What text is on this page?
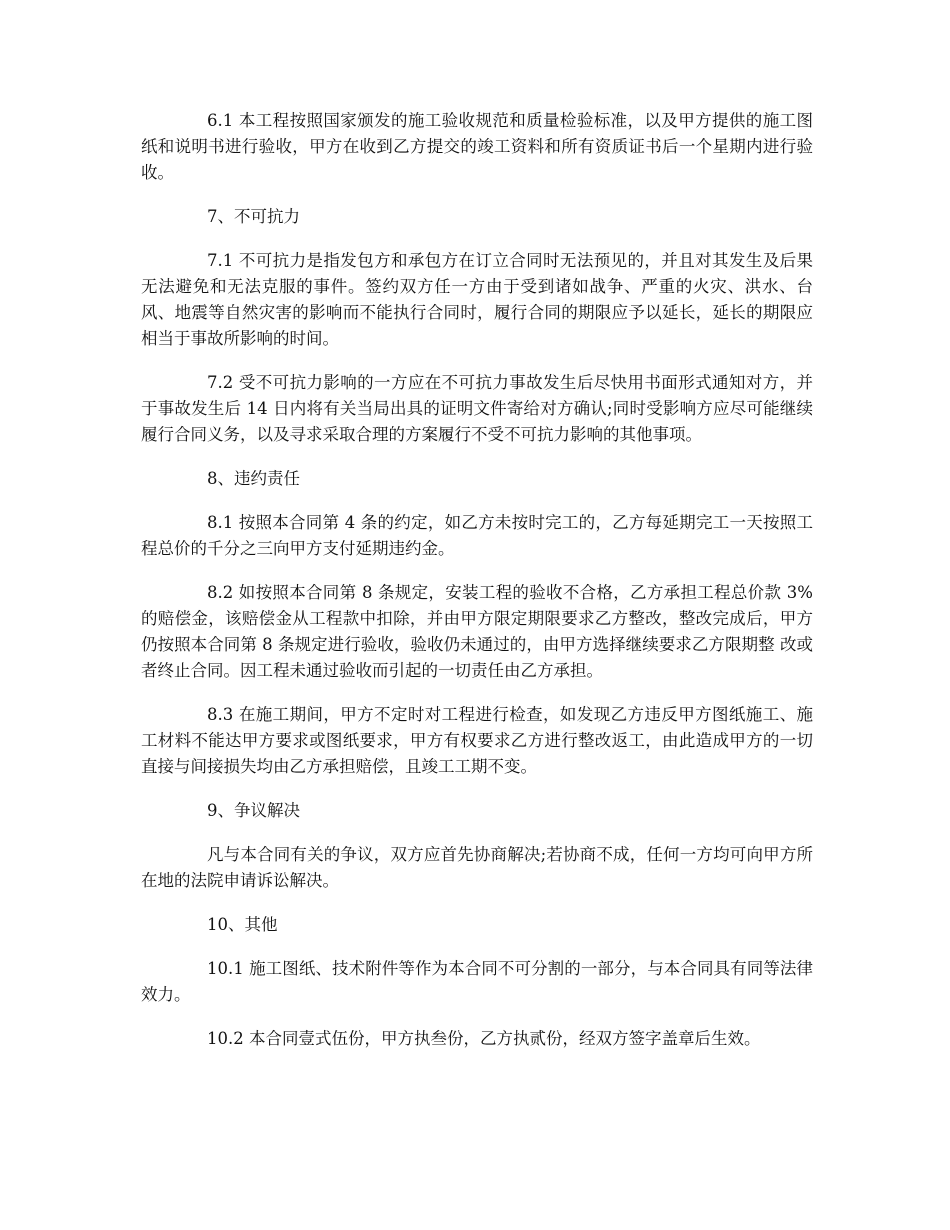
6.1 本工程按照国家颁发的施工验收规范和质量检验标准，以及甲方提供的施工图纸和说明书进行验收，甲方在收到乙方提交的竣工资料和所有资质证书后一个星期内进行验收。

7、不可抗力

7.1 不可抗力是指发包方和承包方在订立合同时无法预见的，并且对其发生及后果无法避免和无法克服的事件。签约双方任一方由于受到诸如战争、严重的火灾、洪水、台风、地震等自然灾害的影响而不能执行合同时，履行合同的期限应予以延长，延长的期限应相当于事故所影响的时间。

7.2 受不可抗力影响的一方应在不可抗力事故发生后尽快用书面形式通知对方，并于事故发生后 14 日内将有关当局出具的证明文件寄给对方确认;同时受影响方应尽可能继续履行合同义务，以及寻求采取合理的方案履行不受不可抗力影响的其他事项。

8、违约责任

8.1 按照本合同第 4 条的约定，如乙方未按时完工的，乙方每延期完工一天按照工程总价的千分之三向甲方支付延期违约金。

8.2 如按照本合同第 8 条规定，安装工程的验收不合格，乙方承担工程总价款 3%的赔偿金，该赔偿金从工程款中扣除，并由甲方限定期限要求乙方整改，整改完成后，甲方仍按照本合同第 8 条规定进行验收，验收仍未通过的，由甲方选择继续要求乙方限期整 改或者终止合同。因工程未通过验收而引起的一切责任由乙方承担。

8.3 在施工期间，甲方不定时对工程进行检查，如发现乙方违反甲方图纸施工、施工材料不能达甲方要求或图纸要求，甲方有权要求乙方进行整改返工，由此造成甲方的一切直接与间接损失均由乙方承担赔偿，且竣工工期不变。

9、争议解决

凡与本合同有关的争议，双方应首先协商解决;若协商不成，任何一方均可向甲方所在地的法院申请诉讼解决。

10、其他

10.1 施工图纸、技术附件等作为本合同不可分割的一部分，与本合同具有同等法律效力。

10.2 本合同壹式伍份，甲方执叁份，乙方执贰份，经双方签字盖章后生效。
